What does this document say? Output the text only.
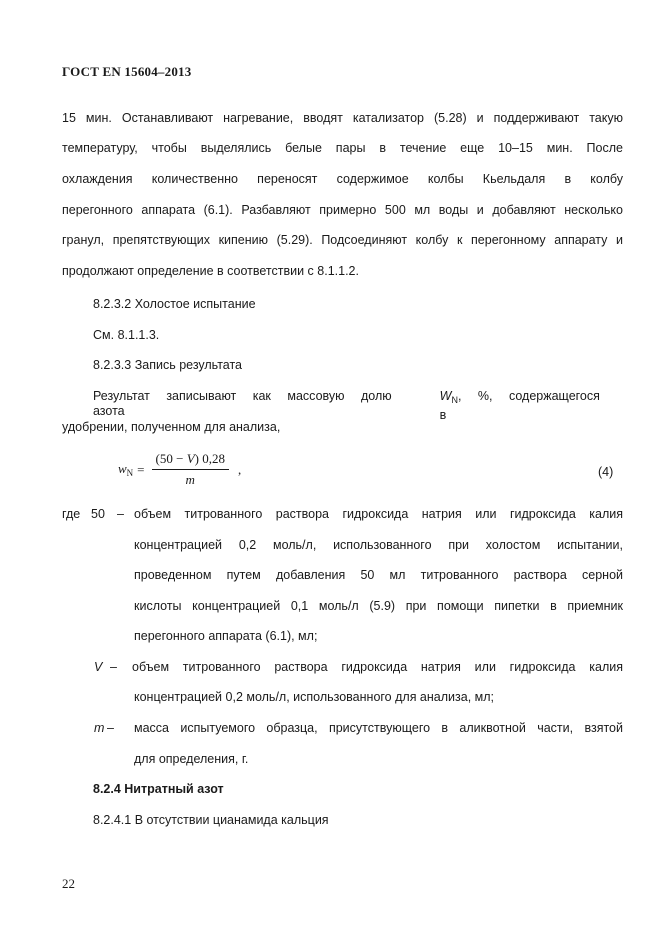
ГОСТ EN 15604–2013
15 мин. Останавливают нагревание, вводят катализатор (5.28) и поддерживают такую
температуру, чтобы выделялись белые пары в течение еще 10–15 мин. После
охлаждения количественно переносят содержимое колбы Кьельдаля в колбу
перегонного аппарата (6.1). Разбавляют примерно 500 мл воды и добавляют несколько
гранул, препятствующих кипению (5.29). Подсоединяют колбу к перегонному аппарату и
продолжают определение в соответствии с 8.1.1.2.
8.2.3.2 Холостое испытание
См. 8.1.1.3.
8.2.3.3 Запись результата
Результат записывают как массовую долю азота
$W_N$, %, содержащегося в
удобрении, полученном для анализа,
$w_N = \frac{(50 - V) 0,28}{m}$ ,	(4)
где 50 – объем титрованного раствора гидроксида натрия или гидроксида калия
концентрацией 0,2 моль/л, использованного при холостом испытании,
проведенном путем добавления 50 мл титрованного раствора серной
кислоты концентрацией 0,1 моль/л (5.9) при помощи пипетки в приемник
перегонного аппарата (6.1), мл;
V –	объем титрованного раствора гидроксида натрия или гидроксида калия
концентрацией 0,2 моль/л, использованного для анализа, мл;
m –	масса испытуемого образца, присутствующего в аликвотной части, взятой
для определения, г.
8.2.4 Нитратный азот
8.2.4.1 В отсутствии цианамида кальция
22
